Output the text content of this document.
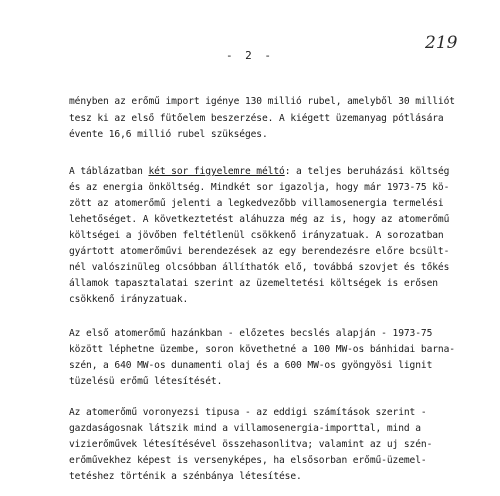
- 2 -
219
ményben az erőmű import igénye 130 millió rubel, amelyből 30 milliót
tesz ki az első fütőelem beszerzése. A kiégett üzemanyag pótlására
évente 16,6 millió rubel szükséges.
A táblázatban két sor figyelemre méltó: a teljes beruházási költség
és az energia önköltség. Mindkét sor igazolja, hogy már 1973-75 kö-
zött az atomerőmű jelenti a legkedvezőbb villamosenergia termelési
lehetőséget. A következtetést aláhuzza még az is, hogy az atomerőmű
költségei a jövőben feltétlenül csökkenő irányzatuak. A sorozatban
gyártott atomerőművi berendezések az egy berendezésre előre bcsült-
nél valószinüleg olcsóbban állíthatók elő, továbbá szovjet és tőkés
államok tapasztalatai szerint az üzemeltetési költségek is erősen
csökkenő irányzatuak.
Az első atomerőmű hazánkban - előzetes becslés alapján - 1973-75
között léphetne üzembe, soron követhetné a 100 MW-os bánhidai barna-
szén, a 640 MW-os dunamenti olaj és a 600 MW-os gyöngyösi lignit
tüzelésü erőmű létesítését.
Az atomerőmű voronyezsi tipusa - az eddigi számítások szerint -
gazdaságosnak látszik mind a villamosenergia-importtal, mind a
vizierőművek létesítésével összehasonlitva; valamint az uj szén-
erőművekhez képest is versenyképes, ha elsősorban erőmű-üzemel-
tetéshez történik a szénbánya létesítése.
